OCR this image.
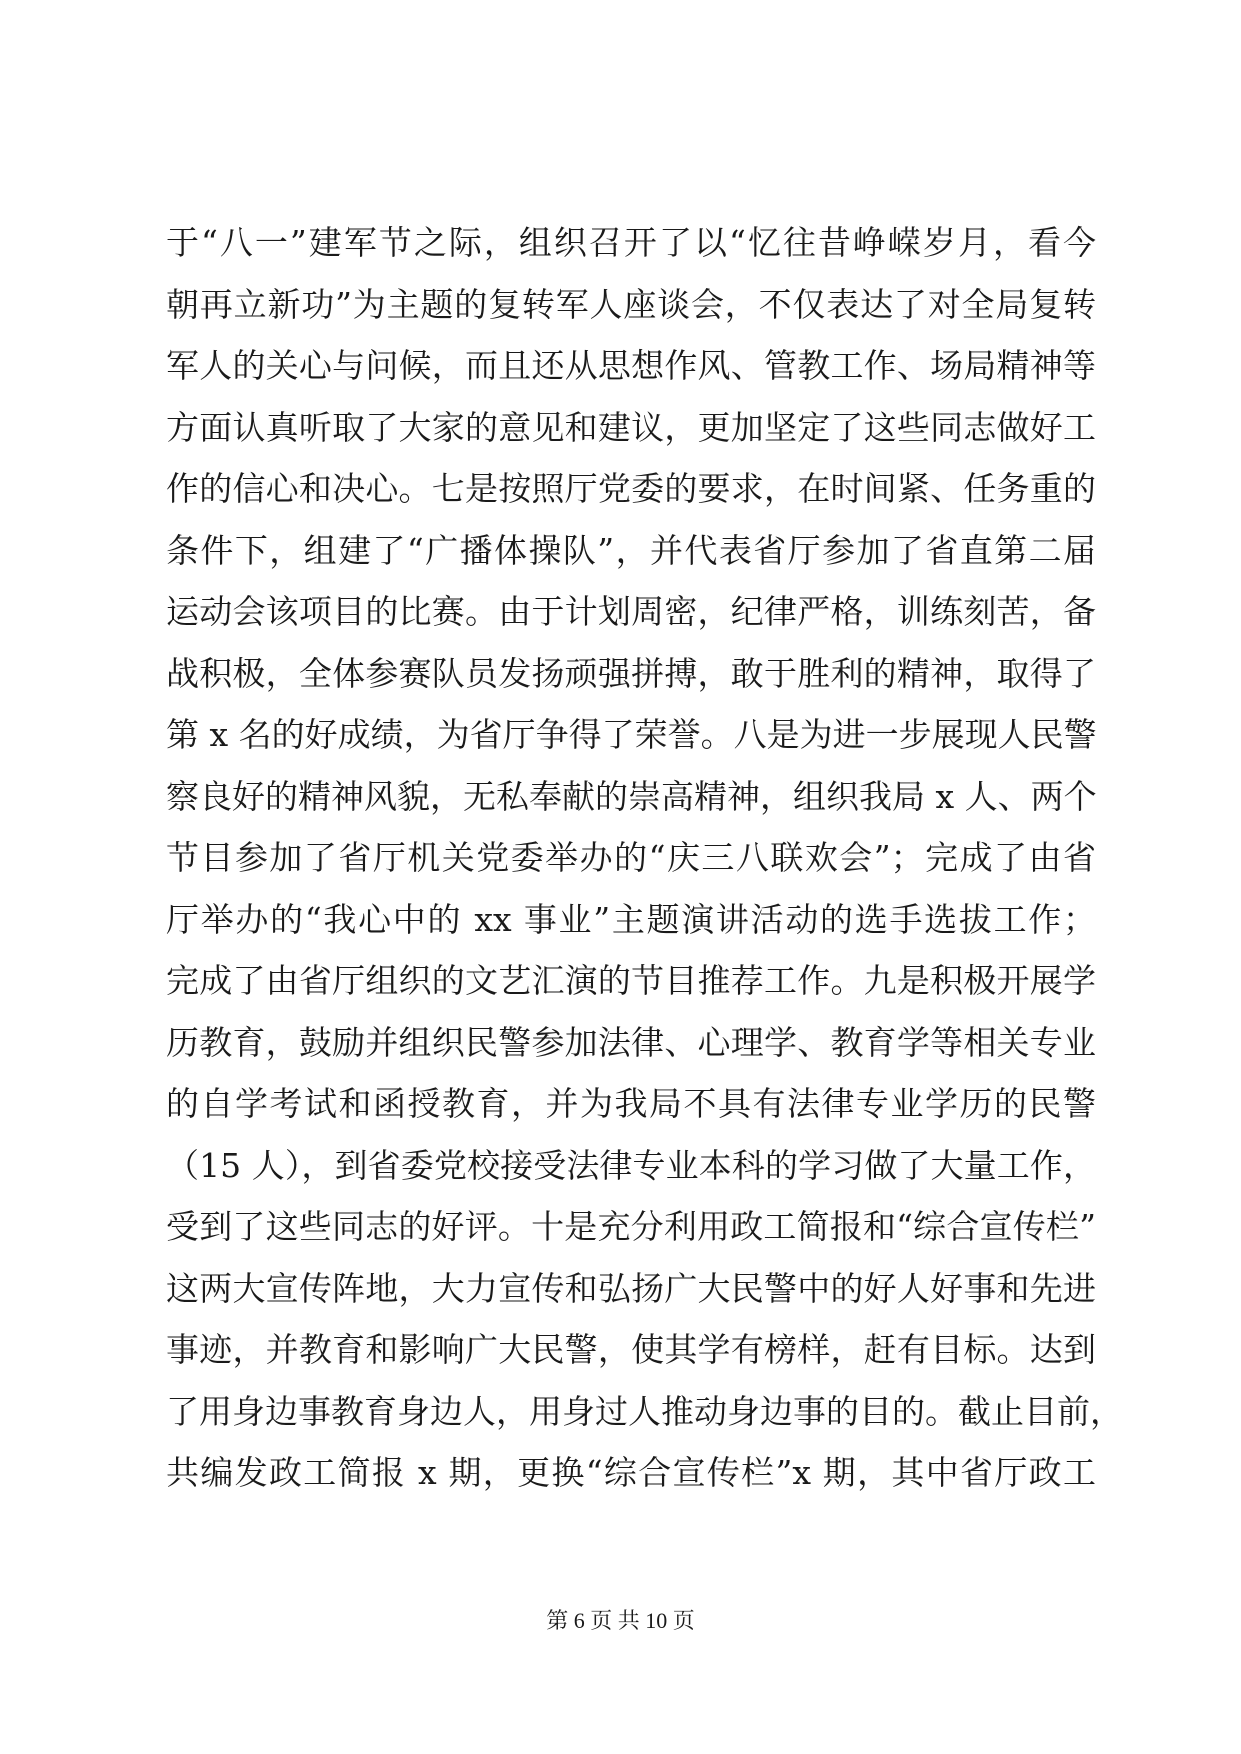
于“八一”建军节之际，组织召开了以“忆往昔峥嵘岁月，看今
朝再立新功”为主题的复转军人座谈会，不仅表达了对全局复转
军人的关心与问候，而且还从思想作风、管教工作、场局精神等
方面认真听取了大家的意见和建议，更加坚定了这些同志做好工
作的信心和决心。七是按照厅党委的要求，在时间紧、任务重的
条件下，组建了“广播体操队”，并代表省厅参加了省直第二届
运动会该项目的比赛。由于计划周密，纪律严格，训练刻苦，备
战积极，全体参赛队员发扬顽强拼搏，敢于胜利的精神，取得了
第 x 名的好成绩，为省厅争得了荣誉。八是为进一步展现人民警
察良好的精神风貌，无私奉献的崇高精神，组织我局 x 人、两个
节目参加了省厅机关党委举办的“庆三八联欢会”；完成了由省
厅举办的“我心中的 xx 事业”主题演讲活动的选手选拔工作；
完成了由省厅组织的文艺汇演的节目推荐工作。九是积极开展学
历教育，鼓励并组织民警参加法律、心理学、教育学等相关专业
的自学考试和函授教育，并为我局不具有法律专业学历的民警
（15 人），到省委党校接受法律专业本科的学习做了大量工作，
受到了这些同志的好评。十是充分利用政工简报和“综合宣传栏”
这两大宣传阵地，大力宣传和弘扬广大民警中的好人好事和先进
事迹，并教育和影响广大民警，使其学有榜样，赶有目标。达到
了用身边事教育身边人，用身过人推动身边事的目的。截止目前，
共编发政工简报 x 期，更换“综合宣传栏”x 期，其中省厅政工
第 6 页 共 10 页
